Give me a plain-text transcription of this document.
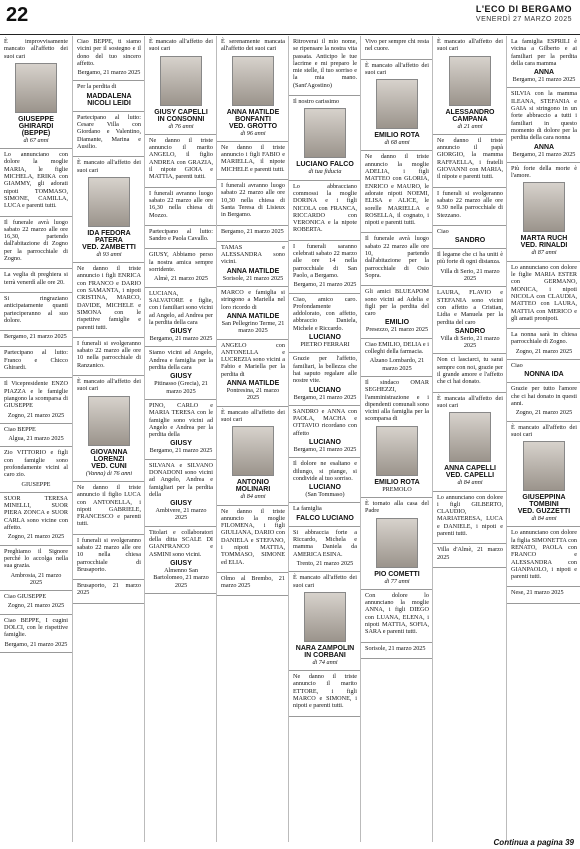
22	L'ECO DI BERGAMO
VENERDÌ 27 MARZO 2025

È improvvisamente mancato all'affetto dei suoi cari

GIUSEPPE GHIRARDI
(BEPPE)
di 67 anni

Lo annunciano con dolore la moglie MARIA, le figlie MICHELA, ERIKA con GIAMMY, gli adorati nipoti TOMMASO, SIMONE, CAMILLA, LUCA e parenti tutti.

Il funerale avrà luogo sabato 22 marzo alle ore 16,30, partendo dall'abitazione di Zogno per la parrocchiale di Zogno.

La veglia di preghiera si terrà venerdì alle ore 20.

Si ringraziano anticipatamente quanti parteciperanno al suo dolore.

Bergamo, 21 marzo 2025

Partecipano al lutto: Franco e Chicco Ghirardi.

Il Vicepresidente ENZO PIAZZA e le famiglie piangono la scomparsa di GIUSEPPE

Zogno, 21 marzo 2025

Ciao BEPPE

Algua, 21 marzo 2025

Zio VITTORIO e figli con famiglie sono profondamente vicini al caro zio.

GIUSEPPE

SUOR TERESA MINELLI, SUOR PIERA ZONCA e SUOR CARLA sono vicine con affetto.

Zogno, 21 marzo 2025

Preghiamo il Signore perché lo accolga nella sua grazia.

Ambrosia, 21 marzo 2025

Ciao GIUSEPPE

Zogno, 21 marzo 2025

Ciao BEPPE, I cugini DOLCI, con le rispettive famiglie.

Bergamo, 21 marzo 2025

Ciao BEPPE, ti siamo vicini per il sostegno e il dono del tuo sincero affetto.

Bergamo, 21 marzo 2025

Per la perdita di

MADDALENA NICOLI LEIDI

Partecipano al lutto: Cesare Villa con Giordano e Valentino, Diamante, Marina e Ausilio.

È mancato all'affetto dei suoi cari

IDA FEDORA PATERA
VED. ZAMBETTI
di 93 anni

Ne danno il triste annuncio i figli ENRICA con FRANCO e DARIO con SAMANTA, i nipoti CRISTINA, MARCO, DAVIDE, MICHELE e SIMONA con le rispettive famiglie e parenti tutti.

I funerali si svolgeranno sabato 22 marzo alle ore 10 nella parrocchiale di Ranzanico.

È mancato all'affetto dei suoi cari

GIOVANNA LORENZI
VED. CUNI
(Vanna) di 76 anni

Ne danno il triste annuncio il figlio LUCA con ANTONELLA, i nipoti GABRIELE, FRANCESCO e parenti tutti.

I funerali si svolgeranno sabato 22 marzo alle ore 10 nella chiesa parrocchiale di Brusaporto.

Brusaporto, 21 marzo 2025

È mancato all'affetto dei suoi cari

GIUSY CAPELLI
IN CONSONNI
di 76 anni

Ne danno il triste annuncio il marito ANGELO, il figlio ANDREA con GRAZIA, il nipote GIOIA e MATTIA, parenti tutti.

I funerali avranno luogo sabato 22 marzo alle ore 16,30 nella chiesa di Mozzo.

Partecipano al lutto: Sandro e Paola Cavallo.

GIUSY, Abbiamo perso la nostra amica sempre sorridente.

Almè, 21 marzo 2025

LUCIANA, SALVATORE e figlie, con i familiari sono vicini ad Angelo, ad Andrea per la perdita della cara

GIUSY
Bergamo, 21 marzo 2025

Siamo vicini ad Angelo, Andrea e famiglia per la perdita della cara

GIUSY
Pitinasso (Grecia), 21 marzo 2025

PINO, CARLO e MARIA TERESA con le famiglie sono vicini ad Angelo e Andrea per la perdita della

GIUSY
Bergamo, 21 marzo 2025

SILVANA e SILVANO DONADONI sono vicini ad Angelo, Andrea e famigliari per la perdita della

GIUSY
Ambivere, 21 marzo 2025

Titolari e collaboratori della ditta SCALE DI GIANFRANCO e ASMINI sono vicini.

GIUSY
Almenno San Bartolomeo, 21 marzo 2025

È serenamente mancata all'affetto dei suoi cari

ANNA MATILDE BONFANTI
VED. GROTTO
di 96 anni

Ne danno il triste annuncio i figli FABIO e MARIELLA, il nipote MICHELE e parenti tutti.

I funerali avranno luogo sabato 22 marzo alle ore 10,30 nella chiesa di Santa Teresa di Lisieux in Bergamo.

Bergamo, 21 marzo 2025

TAMAS e ALESSANDRA sono vicini.

ANNA MATILDE
Sorisole, 21 marzo 2025

MARCO e famiglia si stringono a Mariella nel loro ricordo di

ANNA MATILDE
San Pellegrino Terme, 21 marzo 2025

ANGELO con ANTONELLA e LUCREZIA sono vicini a Fabio e Mariella per la perdita di

ANNA MATILDE
Pontresina, 21 marzo 2025

È mancato all'affetto dei suoi cari

ANTONIO MOLINARI
di 84 anni

Ne danno il triste annuncio la moglie FILOMENA, i figli GIULIANA, DARIO con DANIELA e STEFANO, i nipoti MATTIA, TOMMASO, SIMONE ed ELIA.

Olmo al Brembo, 21 marzo 2025

Ritroverai il mio nome, se ripensare la nostra vita passata. Anticipo le tue lacrime e mi preparo le mie stelle, il tuo sorriso e la mia mano. (Sant'Agostino)

Il nostro carissimo

LUCIANO FALCO
di tua fiducia

Lo abbracciano commossi la moglie DORINA e i figli NICOLA con FRANCA, RICCARDO con VERONICA e la nipote ROBERTA.

I funerali saranno celebrati sabato 22 marzo alle ore 14 nella parrocchiale di San Paolo, a Bergamo.

Bergamo, 21 marzo 2025

Ciao, amico caro. Profondamente addolorato, con affetto, abbraccio Daniela, Michele e Riccardo.

LUCIANO
PIETRO FERRARI

Grazie per l'affetto, familiari, la bellezza che hai saputo regalare alle nostre vite.

LUCIANO
Bergamo, 21 marzo 2025

SANDRO e ANNA con PAOLA, MACHA e OTTAVIO ricordano con affetto

LUCIANO
Bergamo, 21 marzo 2025

Il dolore ne esaltano e dilungo, si piange, si condivide al tuo sorriso.

LUCIANO
(San Tommaso)

La famiglia

FALCO LUCIANO

Si abbraccia forte a Riccardo, Michela e mamma Daniela da AMERICA ESINA.

Trento, 21 marzo 2025

È mancato all'affetto dei suoi cari

NARA ZAMPOLIN
IN CORBANI
di 74 anni

Ne danno il triste annuncio il marito ETTORE, i figli MARCO e SIMONE, i nipoti e parenti tutti.

Vivo per sempre chi resta nel cuore.

È mancato all'affetto dei suoi cari

EMILIO ROTA
di 68 anni

Ne danno il triste annuncio la moglie ADELIA, i figli MATTEO con GLORIA, ENRICO e MAURO, le adorate nipoti NOEMI, ELISA e ALICE, le sorelle MARIELLA e ROSELLA, il cognato, i nipoti e parenti tutti.

Il funerale avrà luogo sabato 22 marzo alle ore 10, partendo dall'abitazione per la parrocchiale di Osio Sopra.

Gli amici BLUEAPOM sono vicini ad Adelia e figli per la perdita del caro

EMILIO
Presezzo, 21 marzo 2025

Ciao EMILIO, DELIA e i colleghi della farmacia.

Alzano Lombardo, 21 marzo 2025

Il sindaco OMAR SEGHEZZI, l'amministrazione e i dipendenti comunali sono vicini alla famiglia per la scomparsa di

EMILIO ROTA
PREMOLO

È tornato alla casa del Padre

PIO COMETTI
di 77 anni

Con dolore lo annunciano la moglie ANNA, i figli DIEGO con LUANA, ELENA, i nipoti MATTIA, SOFIA, SARA e parenti tutti.

Sorisole, 21 marzo 2025

È mancato all'affetto dei suoi cari

ALESSANDRO CAMPANA
di 21 anni

Ne danno il triste annuncio il papà GIORGIO, la mamma RAFFAELLA, i fratelli GIOVANNI con MARIA, il nipote e parenti tutti.

I funerali si svolgeranno sabato 22 marzo alle ore 9.30 nella parrocchiale di Stezzano.

Ciao

SANDRO

Il legame che ci ha uniti è più forte di ogni distanza.

Villa di Serio, 21 marzo 2025

LAURA, FLAVIO e STEFANIA sono vicini con affetto a Cristian, Lidia e Manuela per la perdita del caro

SANDRO
Villa di Serio, 21 marzo 2025

Non ci lasciarci, tu sarai sempre con noi, grazie per il grande amore e l'affetto che ci hai donato.

È mancata all'affetto dei suoi cari

ANNA CAPELLI
VED. CAPELLI
di 84 anni

Lo annunciano con dolore i figli GILBERTO, CLAUDIO, MARIATERESA, LUCA e DANIELE, i nipoti e parenti tutti.

Villa d'Almè, 21 marzo 2025

La famiglia ESPRILI è vicina a Gilberto e ai familiari per la perdita della cara mamma

ANNA
Bergamo, 21 marzo 2025

SILVIA con la mamma ILEANA, STEFANIA e GAIA si stringono in un forte abbraccio a tutti i familiari in questo momento di dolore per la perdita della cara nonna

ANNA
Bergamo, 21 marzo 2025

Più forte della morte è l'amore.

MARTA RUCH
VED. RINALDI
di 87 anni

Lo annunciano con dolore le figlie MARIA ESTER con GERMANO, MONICA, i nipoti NICOLA con CLAUDIA, MATTEO con LAURA, MATTIA con MERICO e gli amati pronipoti.

La nonna sarà in chiesa parrocchiale di Zogno.

Zogno, 21 marzo 2025

Ciao

NONNA IDA

Grazie per tutto l'amore che ci hai donato in questi anni.

Zogno, 21 marzo 2025

È mancato all'affetto dei suoi cari

GIUSEPPINA TOMBINI
VED. GUZZETTI
di 84 anni

Lo annunciano con dolore la figlia SIMONETTA con RENATO, PAOLA con FRANCO e ALESSANDRA con GIANPAOLO, i nipoti e parenti tutti.

Nese, 21 marzo 2025

Continua a pagina 39
